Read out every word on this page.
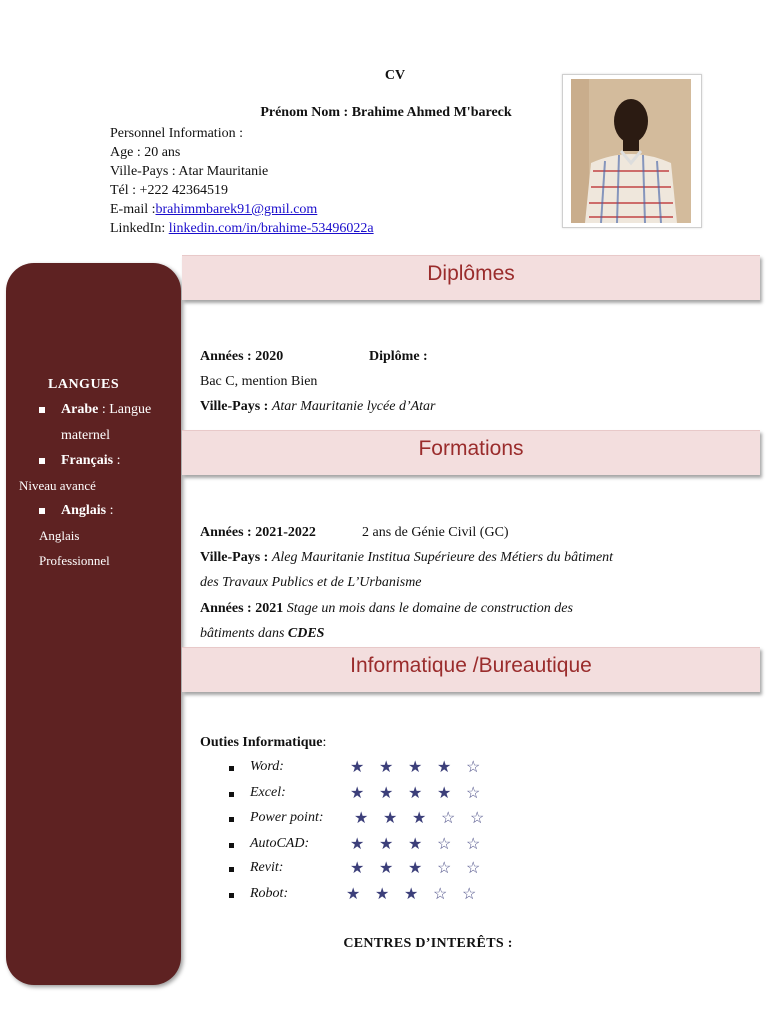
CV
Prénom Nom : Brahime Ahmed M'bareck
Personnel Information :
Age : 20 ans
Ville-Pays : Atar Mauritanie
Tél : +222 42364519
E-mail :brahimmbarek91@gmil.com
LinkedIn: linkedin.com/in/brahime-53496022a
LANGUES
Arabe : Langue
maternel
Français :
Niveau avancé
Anglais :
Anglais
Professionnel
Diplômes
Années : 2020	Diplôme :
Bac C, mention Bien
Ville-Pays : Atar Mauritanie lycée d’Atar
Formations
Années : 2021-2022	2 ans de Génie Civil (GC)
Ville-Pays : Aleg Mauritanie Institua Supérieure des Métiers du bâtiment
des Travaux Publics et de L’Urbanisme
Années : 2021 Stage un mois dans le domaine de construction des
bâtiments dans CDES
Informatique /Bureautique
Outies Informatique:
Word:	★ ★ ★ ★ ☆
Excel:	★ ★ ★ ★ ☆
Power point: ★ ★ ★ ☆ ☆
AutoCAD:	★ ★ ★ ☆ ☆
Revit:	★ ★ ★ ☆ ☆
Robot:	★ ★ ★ ☆ ☆
CENTRES D’INTERÊTS :
